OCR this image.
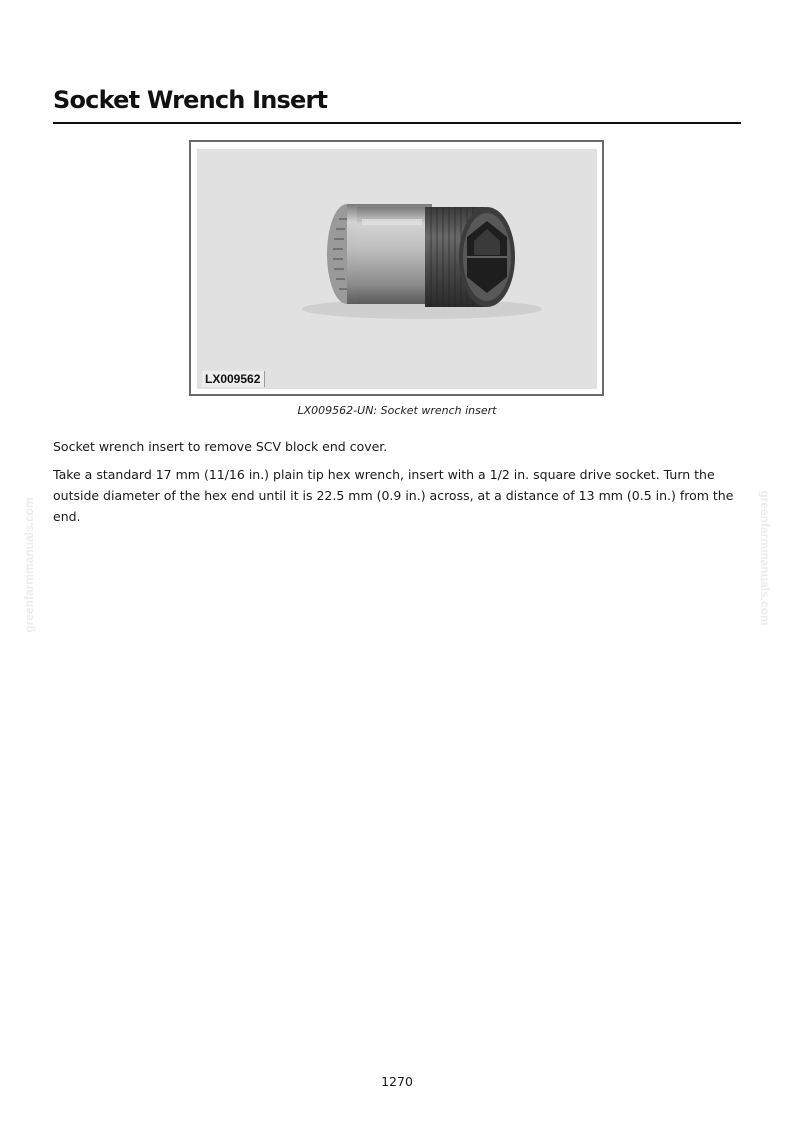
greenfarmmanuals.com	greenfarmmanuals.com
Socket Wrench Insert
LX009562
LX009562-UN: Socket wrench insert

Socket wrench insert to remove SCV block end cover.

Take a standard 17 mm (11/16 in.) plain tip hex wrench, insert with a 1/2 in. square drive socket. Turn the outside diameter of the hex end until it is 22.5 mm (0.9 in.) across, at a distance of 13 mm (0.5 in.) from the end.

1270
